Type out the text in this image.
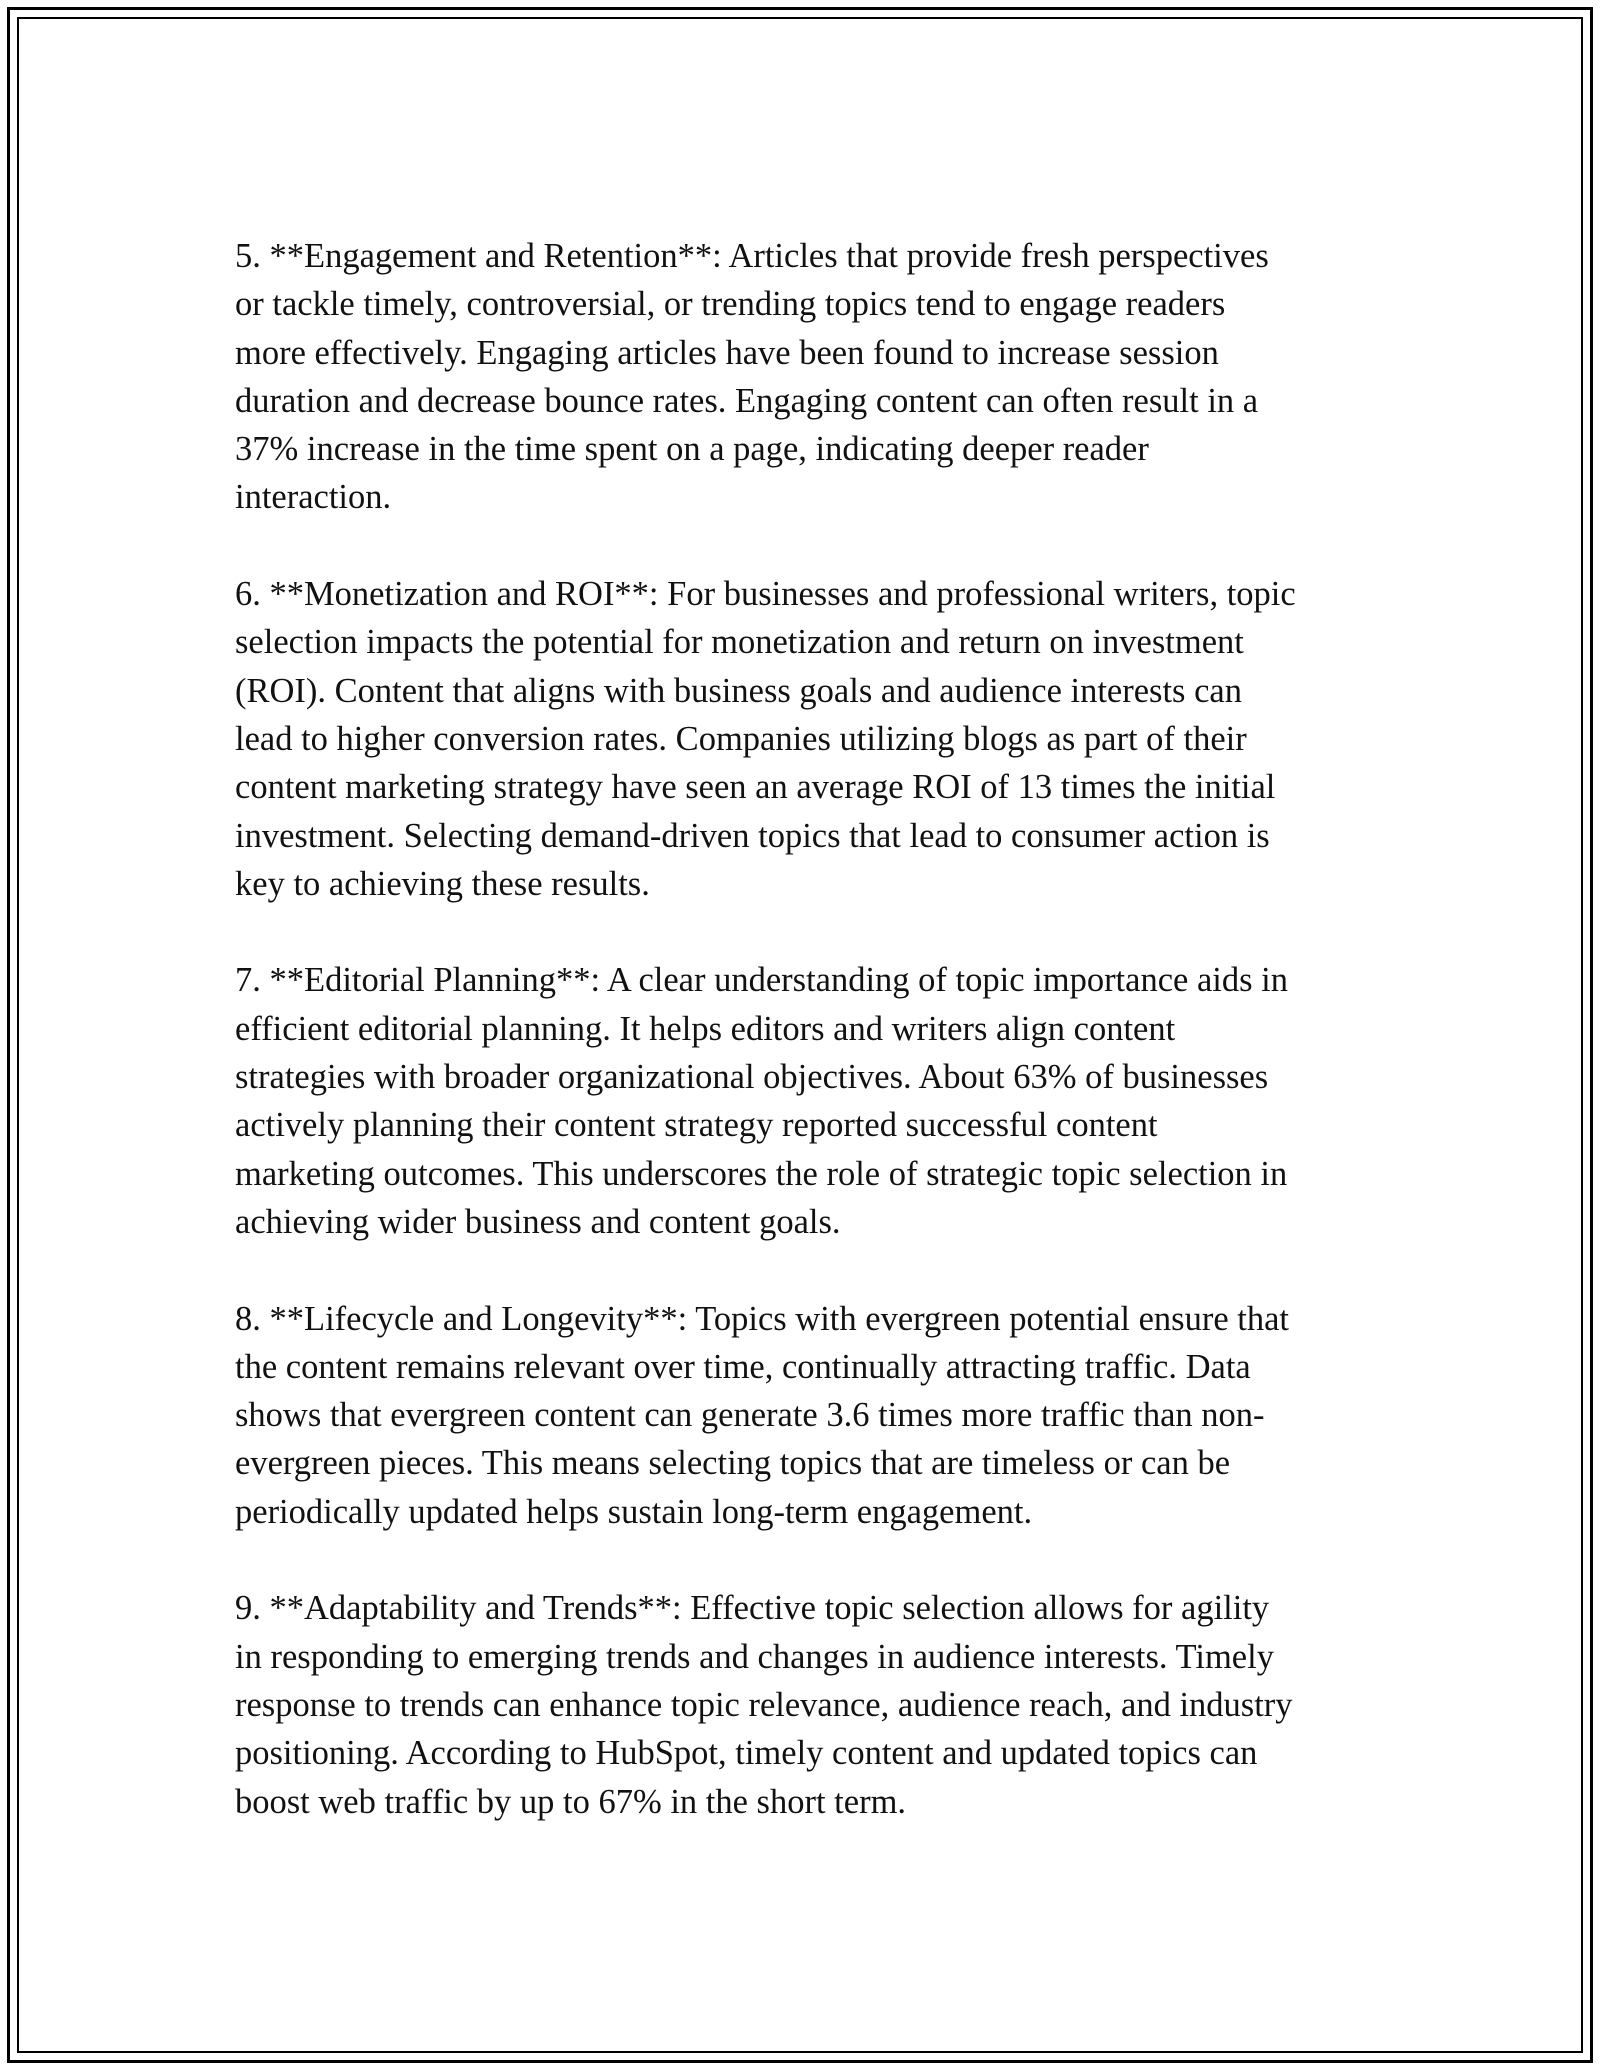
5. **Engagement and Retention**: Articles that provide fresh perspectives
or tackle timely, controversial, or trending topics tend to engage readers
more effectively. Engaging articles have been found to increase session
duration and decrease bounce rates. Engaging content can often result in a
37% increase in the time spent on a page, indicating deeper reader
interaction.

6. **Monetization and ROI**: For businesses and professional writers, topic
selection impacts the potential for monetization and return on investment
(ROI). Content that aligns with business goals and audience interests can
lead to higher conversion rates. Companies utilizing blogs as part of their
content marketing strategy have seen an average ROI of 13 times the initial
investment. Selecting demand-driven topics that lead to consumer action is
key to achieving these results.

7. **Editorial Planning**: A clear understanding of topic importance aids in
efficient editorial planning. It helps editors and writers align content
strategies with broader organizational objectives. About 63% of businesses
actively planning their content strategy reported successful content
marketing outcomes. This underscores the role of strategic topic selection in
achieving wider business and content goals.

8. **Lifecycle and Longevity**: Topics with evergreen potential ensure that
the content remains relevant over time, continually attracting traffic. Data
shows that evergreen content can generate 3.6 times more traffic than non-
evergreen pieces. This means selecting topics that are timeless or can be
periodically updated helps sustain long-term engagement.

9. **Adaptability and Trends**: Effective topic selection allows for agility
in responding to emerging trends and changes in audience interests. Timely
response to trends can enhance topic relevance, audience reach, and industry
positioning. According to HubSpot, timely content and updated topics can
boost web traffic by up to 67% in the short term.
